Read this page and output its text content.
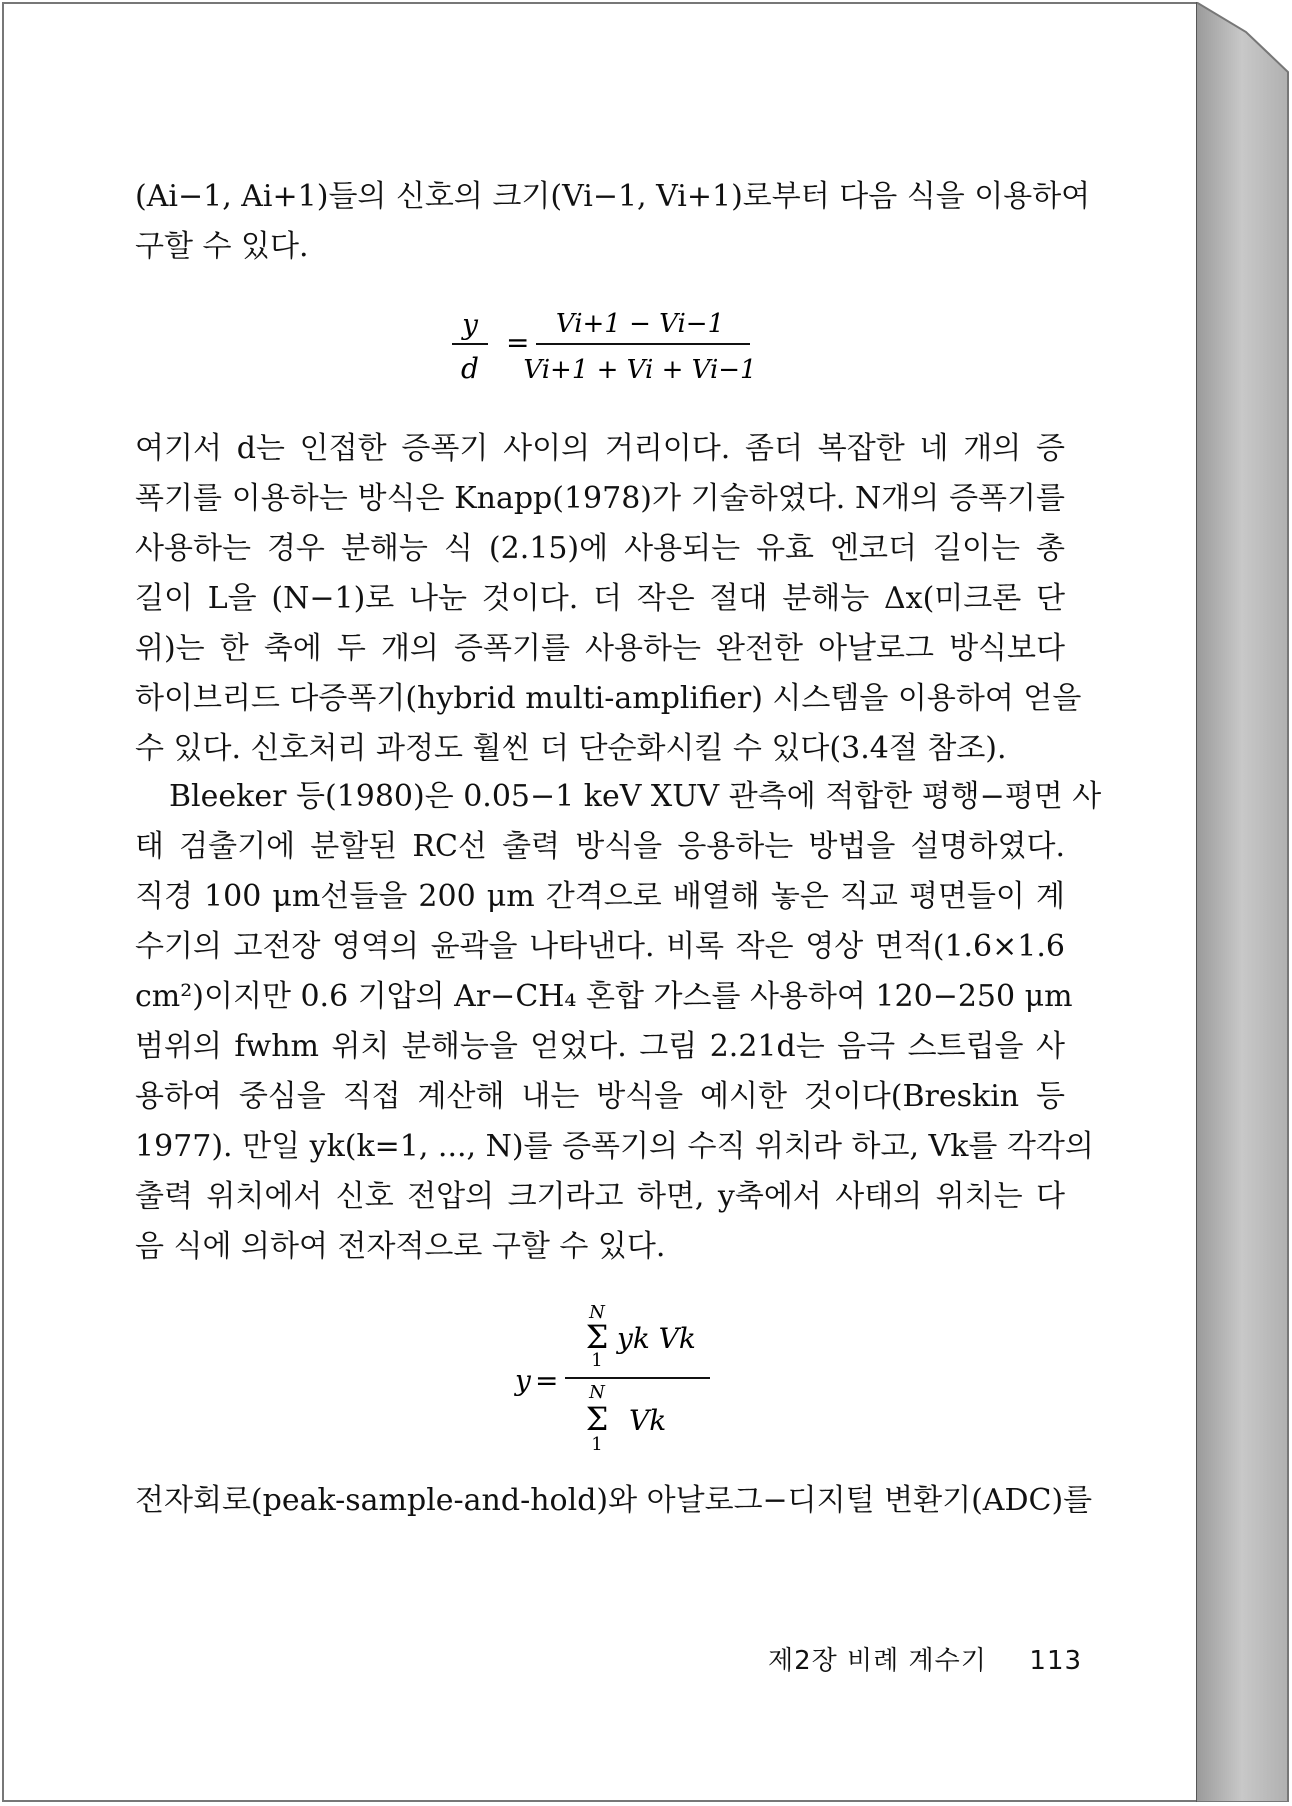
(Ai−1, Ai+1)들의 신호의 크기(Vi−1, Vi+1)로부터 다음 식을 이용하여
구할 수 있다.
y
d
=
Vi+1 − Vi−1
Vi+1 + Vi + Vi−1
여기서 d는 인접한 증폭기 사이의 거리이다. 좀더 복잡한 네 개의 증
폭기를 이용하는 방식은 Knapp(1978)가 기술하였다. N개의 증폭기를
사용하는 경우 분해능 식 (2.15)에 사용되는 유효 엔코더 길이는 총
길이 L을 (N−1)로 나눈 것이다. 더 작은 절대 분해능 Δx(미크론 단
위)는 한 축에 두 개의 증폭기를 사용하는 완전한 아날로그 방식보다
하이브리드 다증폭기(hybrid multi-amplifier) 시스템을 이용하여 얻을
수 있다. 신호처리 과정도 훨씬 더 단순화시킬 수 있다(3.4절 참조).
Bleeker 등(1980)은 0.05−1 keV XUV 관측에 적합한 평행−평면 사
태 검출기에 분할된 RC선 출력 방식을 응용하는 방법을 설명하였다.
직경 100 μm선들을 200 μm 간격으로 배열해 놓은 직교 평면들이 계
수기의 고전장 영역의 윤곽을 나타낸다. 비록 작은 영상 면적(1.6×1.6
cm²)이지만 0.6 기압의 Ar−CH₄ 혼합 가스를 사용하여 120−250 μm
범위의 fwhm 위치 분해능을 얻었다. 그림 2.21d는 음극 스트립을 사
용하여 중심을 직접 계산해 내는 방식을 예시한 것이다(Breskin 등
1977). 만일 yk(k=1, ..., N)를 증폭기의 수직 위치라 하고, Vk를 각각의
출력 위치에서 신호 전압의 크기라고 하면, y축에서 사태의 위치는 다
음 식에 의하여 전자적으로 구할 수 있다.
y =
N
Σ
1
yk Vk
N
Σ
1
Vk
전자회로(peak-sample-and-hold)와 아날로그−디지털 변환기(ADC)를
제2장 비례 계수기 113
